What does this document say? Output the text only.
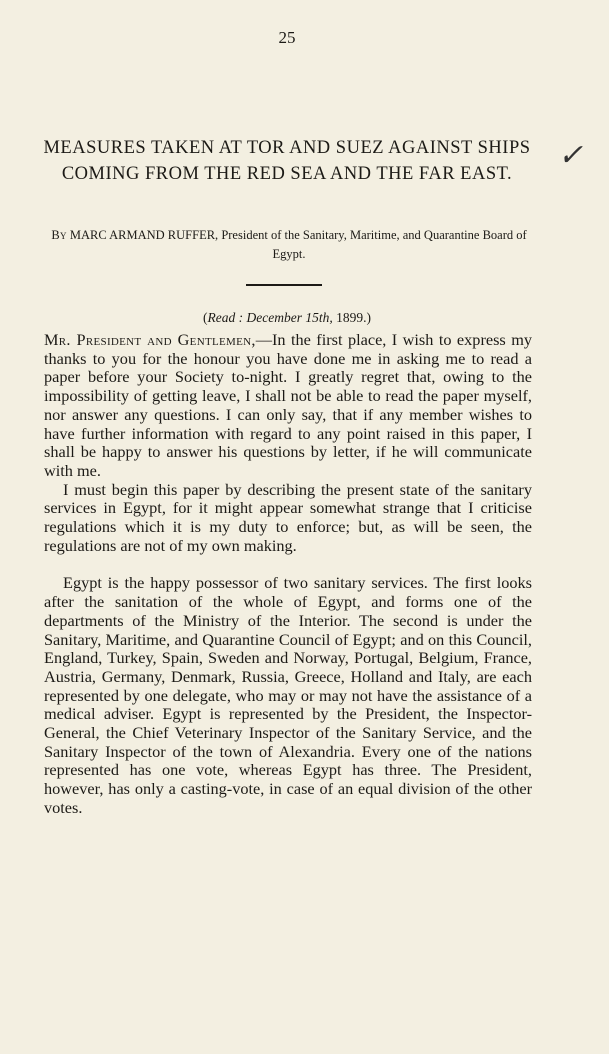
25
MEASURES TAKEN AT TOR AND SUEZ AGAINST SHIPS COMING FROM THE RED SEA AND THE FAR EAST.
✓
By MARC ARMAND RUFFER, President of the Sanitary, Maritime, and Quarantine Board of Egypt.
(Read : December 15th, 1899.)

Mr. President and Gentlemen,—In the first place, I wish to express my thanks to you for the honour you have done me in asking me to read a paper before your Society to-night. I greatly regret that, owing to the impossibility of getting leave, I shall not be able to read the paper myself, nor answer any questions. I can only say, that if any member wishes to have further information with regard to any point raised in this paper, I shall be happy to answer his questions by letter, if he will communicate with me.

I must begin this paper by describing the present state of the sanitary services in Egypt, for it might appear somewhat strange that I criticise regulations which it is my duty to enforce; but, as will be seen, the regulations are not of my own making.

Egypt is the happy possessor of two sanitary services. The first looks after the sanitation of the whole of Egypt, and forms one of the departments of the Ministry of the Interior. The second is under the Sanitary, Maritime, and Quarantine Council of Egypt; and on this Council, England, Turkey, Spain, Sweden and Norway, Portugal, Belgium, France, Austria, Germany, Denmark, Russia, Greece, Holland and Italy, are each represented by one delegate, who may or may not have the assistance of a medical adviser. Egypt is represented by the President, the Inspector-General, the Chief Veterinary Inspector of the Sanitary Service, and the Sanitary Inspector of the town of Alexandria. Every one of the nations represented has one vote, whereas Egypt has three. The President, however, has only a casting-vote, in case of an equal division of the other votes.
